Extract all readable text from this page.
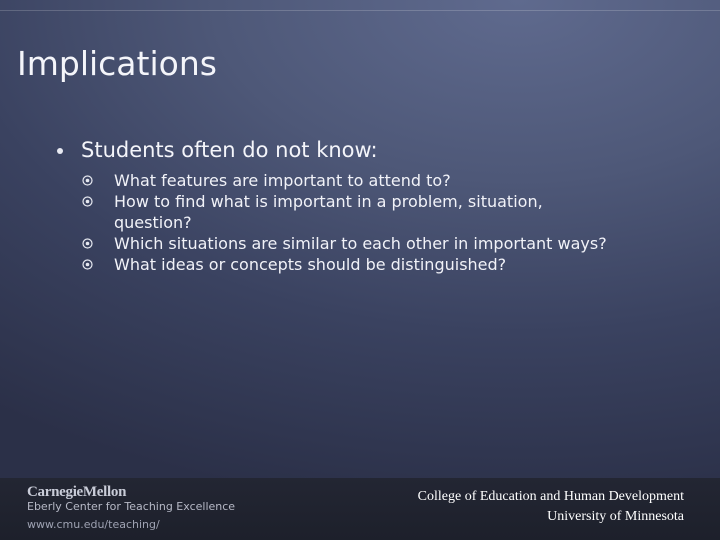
Implications
Students often do not know:
What features are important to attend to?
How to find what is important in a problem, situation,
question?
Which situations are similar to each other in important ways?
What ideas or concepts should be distinguished?
CarnegieMellon
Eberly Center for Teaching Excellence
www.cmu.edu/teaching/
College of Education and Human Development
University of Minnesota
